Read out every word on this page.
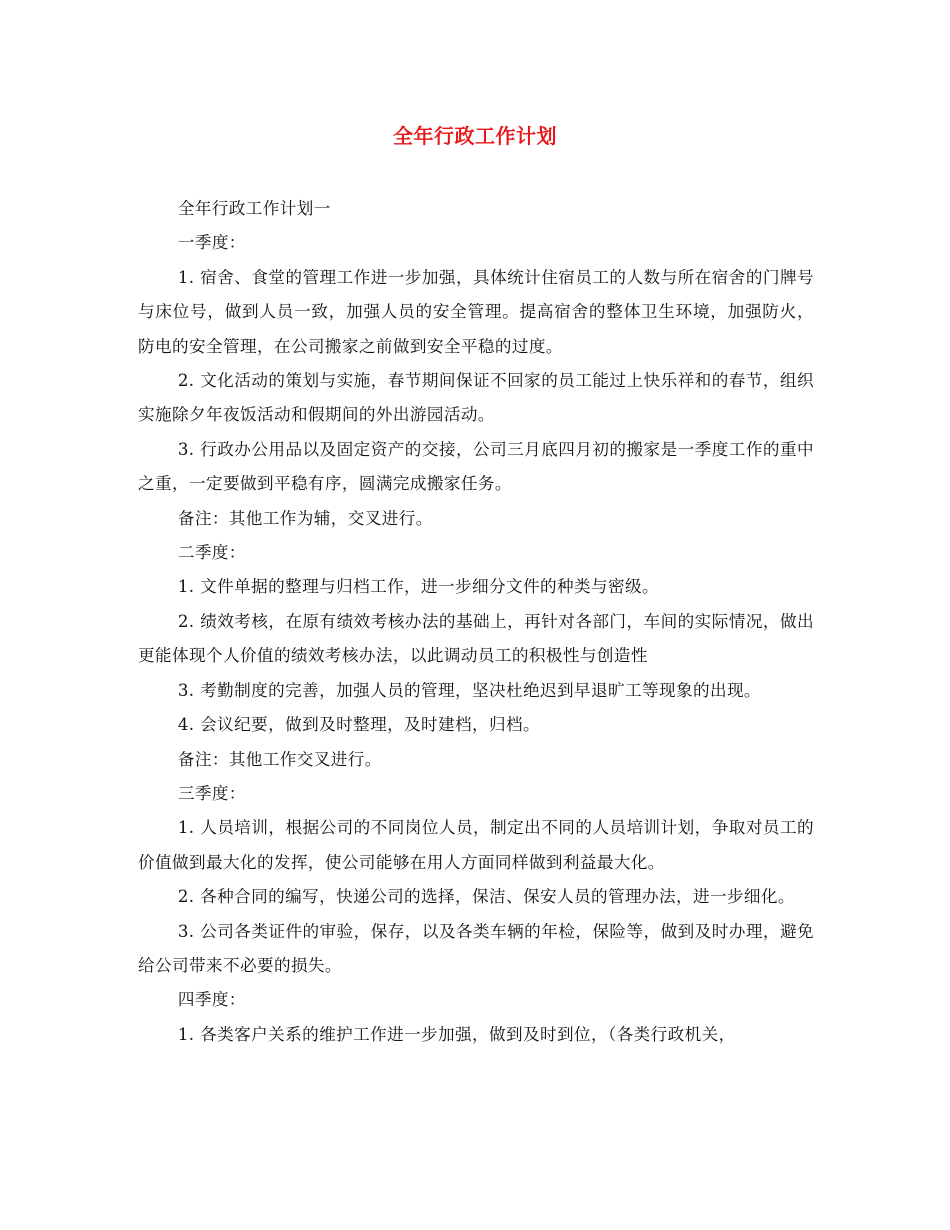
全年行政工作计划

全年行政工作计划一

一季度：

1. 宿舍、食堂的管理工作进一步加强，具体统计住宿员工的人数与所在宿舍的门牌号与床位号，做到人员一致，加强人员的安全管理。提高宿舍的整体卫生环境，加强防火，防电的安全管理，在公司搬家之前做到安全平稳的过度。

2. 文化活动的策划与实施，春节期间保证不回家的员工能过上快乐祥和的春节，组织实施除夕年夜饭活动和假期间的外出游园活动。

3. 行政办公用品以及固定资产的交接，公司三月底四月初的搬家是一季度工作的重中之重，一定要做到平稳有序，圆满完成搬家任务。

备注：其他工作为辅，交叉进行。

二季度：

1. 文件单据的整理与归档工作，进一步细分文件的种类与密级。

2. 绩效考核，在原有绩效考核办法的基础上，再针对各部门，车间的实际情况，做出更能体现个人价值的绩效考核办法，以此调动员工的积极性与创造性

3. 考勤制度的完善，加强人员的管理，坚决杜绝迟到早退旷工等现象的出现。

4. 会议纪要，做到及时整理，及时建档，归档。

备注：其他工作交叉进行。

三季度：

1. 人员培训，根据公司的不同岗位人员，制定出不同的人员培训计划，争取对员工的价值做到最大化的发挥，使公司能够在用人方面同样做到利益最大化。

2. 各种合同的编写，快递公司的选择，保洁、保安人员的管理办法，进一步细化。

3. 公司各类证件的审验，保存，以及各类车辆的年检，保险等，做到及时办理，避免给公司带来不必要的损失。

四季度：

1. 各类客户关系的维护工作进一步加强，做到及时到位，（各类行政机关，
